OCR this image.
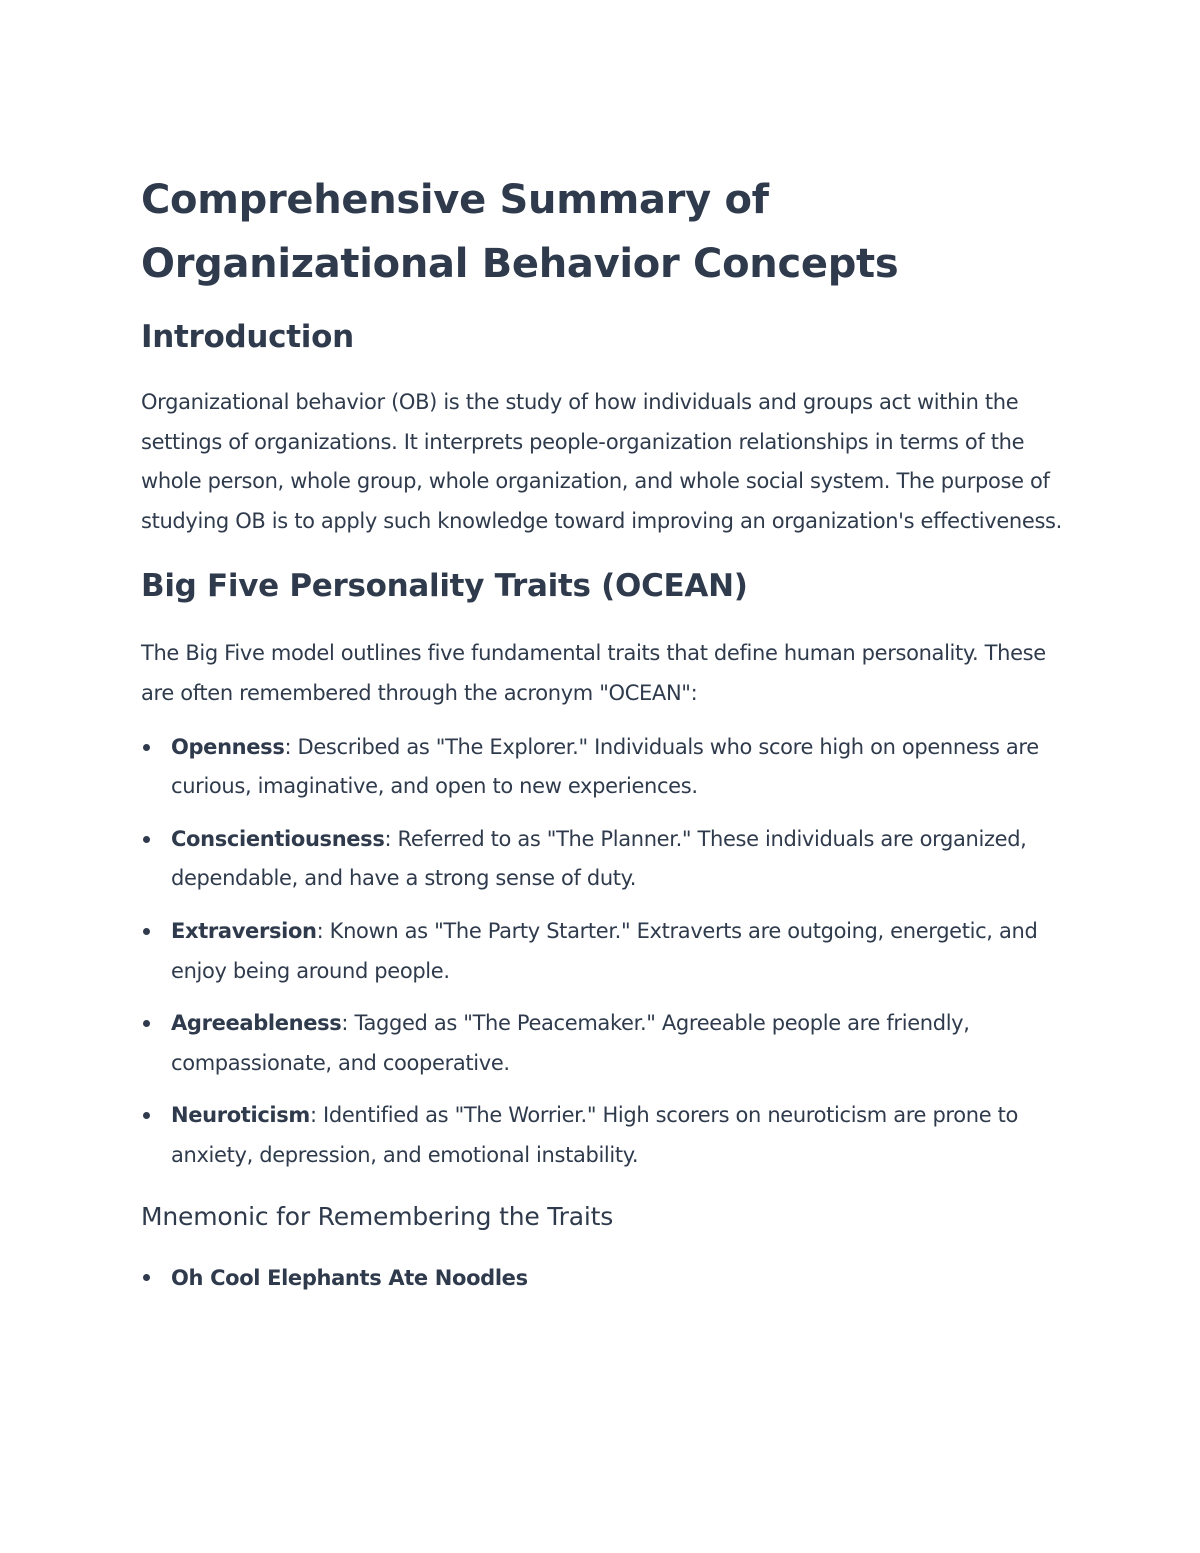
Comprehensive Summary of Organizational Behavior Concepts
Introduction

Organizational behavior (OB) is the study of how individuals and groups act within the settings of organizations. It interprets people-organization relationships in terms of the whole person, whole group, whole organization, and whole social system. The purpose of studying OB is to apply such knowledge toward improving an organization's effectiveness.

Big Five Personality Traits (OCEAN)

The Big Five model outlines five fundamental traits that define human personality. These are often remembered through the acronym "OCEAN":

Openness: Described as "The Explorer." Individuals who score high on openness are curious, imaginative, and open to new experiences.
Conscientiousness: Referred to as "The Planner." These individuals are organized, dependable, and have a strong sense of duty.
Extraversion: Known as "The Party Starter." Extraverts are outgoing, energetic, and enjoy being around people.
Agreeableness: Tagged as "The Peacemaker." Agreeable people are friendly, compassionate, and cooperative.
Neuroticism: Identified as "The Worrier." High scorers on neuroticism are prone to anxiety, depression, and emotional instability.
Mnemonic for Remembering the Traits
Oh Cool Elephants Ate Noodles
